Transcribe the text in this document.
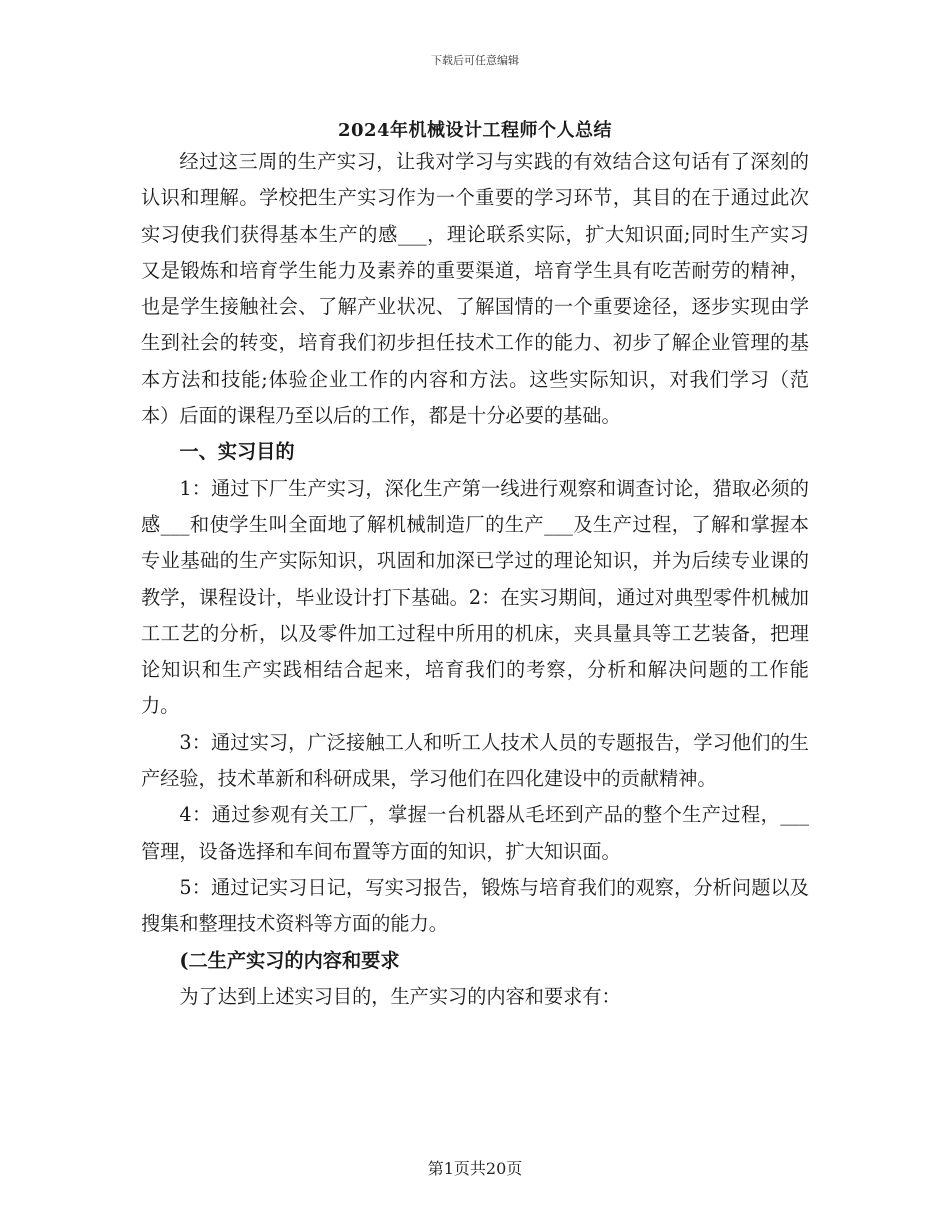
下载后可任意编辑
2024年机械设计工程师个人总结

经过这三周的生产实习，让我对学习与实践的有效结合这句话有了深刻的认识和理解。学校把生产实习作为一个重要的学习环节，其目的在于通过此次实习使我们获得基本生产的感___，理论联系实际，扩大知识面;同时生产实习又是锻炼和培育学生能力及素养的重要渠道，培育学生具有吃苦耐劳的精神，也是学生接触社会、了解产业状况、了解国情的一个重要途径，逐步实现由学生到社会的转变，培育我们初步担任技术工作的能力、初步了解企业管理的基本方法和技能;体验企业工作的内容和方法。这些实际知识，对我们学习（范本）后面的课程乃至以后的工作，都是十分必要的基础。

一、实习目的

1：通过下厂生产实习，深化生产第一线进行观察和调查讨论，猎取必须的感___和使学生叫全面地了解机械制造厂的生产___及生产过程，了解和掌握本专业基础的生产实际知识，巩固和加深已学过的理论知识，并为后续专业课的教学，课程设计，毕业设计打下基础。2：在实习期间，通过对典型零件机械加工工艺的分析，以及零件加工过程中所用的机床，夹具量具等工艺装备，把理论知识和生产实践相结合起来，培育我们的考察，分析和解决问题的工作能力。

3：通过实习，广泛接触工人和听工人技术人员的专题报告，学习他们的生产经验，技术革新和科研成果，学习他们在四化建设中的贡献精神。

4：通过参观有关工厂，掌握一台机器从毛坯到产品的整个生产过程，___管理，设备选择和车间布置等方面的知识，扩大知识面。

5：通过记实习日记，写实习报告，锻炼与培育我们的观察，分析问题以及搜集和整理技术资料等方面的能力。

(二生产实习的内容和要求

为了达到上述实习目的，生产实习的内容和要求有：

第1页共20页
